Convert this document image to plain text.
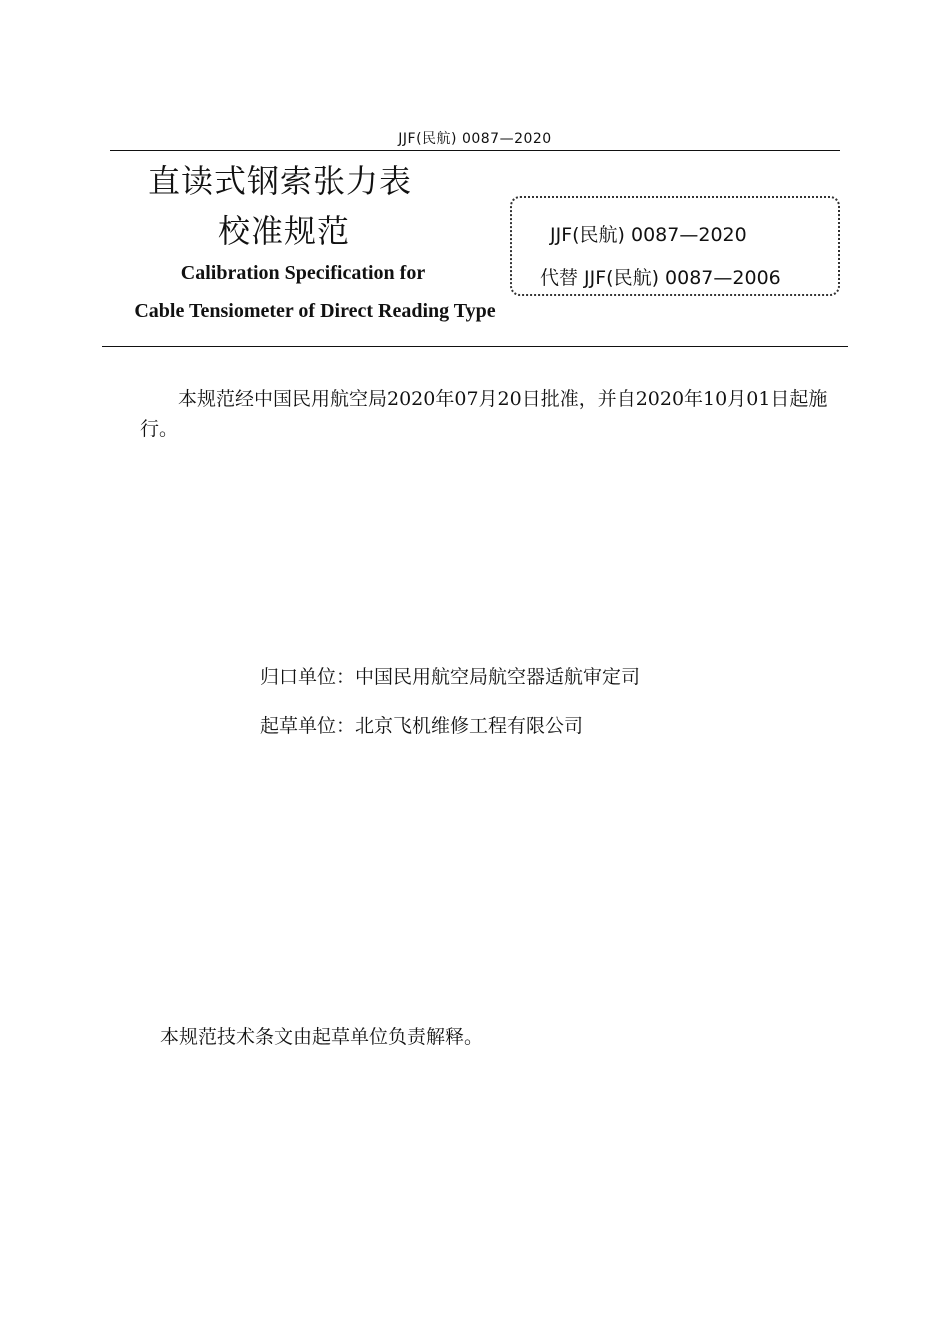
JJF(民航) 0087—2020
直读式钢索张力表
校准规范
Calibration Specification for
Cable Tensiometer of Direct Reading Type
JJF(民航) 0087—2020
代替 JJF(民航) 0087—2006
本规范经中国民用航空局2020年07月20日批准，并自2020年10月01日起施行。
归口单位：中国民用航空局航空器适航审定司
起草单位：北京飞机维修工程有限公司
本规范技术条文由起草单位负责解释。
